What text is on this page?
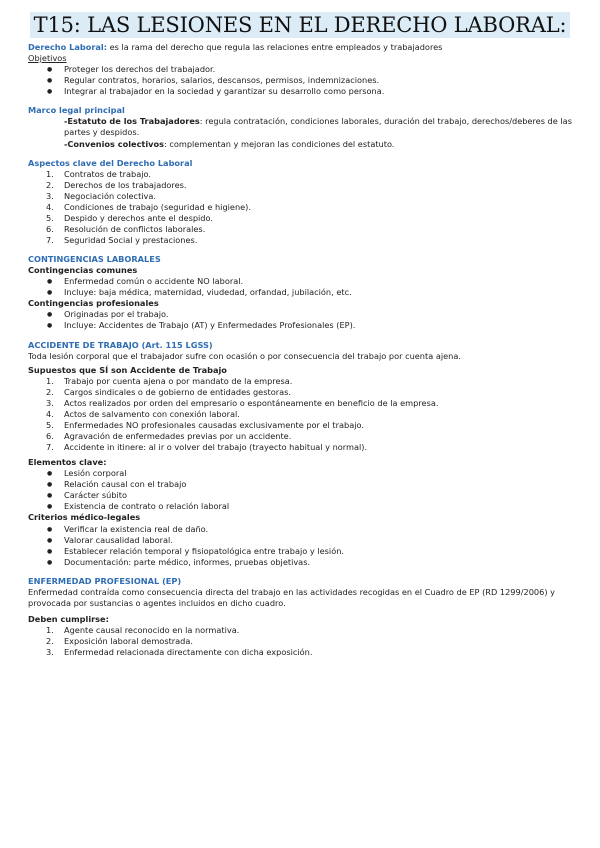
T15: LAS LESIONES EN EL DERECHO LABORAL:

Derecho Laboral: es la rama del derecho que regula las relaciones entre empleados y trabajadores

Objetivos

● Proteger los derechos del trabajador.
● Regular contratos, horarios, salarios, descansos, permisos, indemnizaciones.
● Integrar al trabajador en la sociedad y garantizar su desarrollo como persona.

Marco legal principal

-Estatuto de los Trabajadores: regula contratación, condiciones laborales, duración del trabajo, derechos/deberes de las partes y despidos.

-Convenios colectivos: complementan y mejoran las condiciones del estatuto.

Aspectos clave del Derecho Laboral

1. Contratos de trabajo.
2. Derechos de los trabajadores.
3. Negociación colectiva.
4. Condiciones de trabajo (seguridad e higiene).
5. Despido y derechos ante el despido.
6. Resolución de conflictos laborales.
7. Seguridad Social y prestaciones.

CONTINGENCIAS LABORALES

Contingencias comunes

● Enfermedad común o accidente NO laboral.
● Incluye: baja médica, maternidad, viudedad, orfandad, jubilación, etc.

Contingencias profesionales

● Originadas por el trabajo.
● Incluye: Accidentes de Trabajo (AT) y Enfermedades Profesionales (EP).

ACCIDENTE DE TRABAJO (Art. 115 LGSS)

Toda lesión corporal que el trabajador sufre con ocasión o por consecuencia del trabajo por cuenta ajena.

Supuestos que SÍ son Accidente de Trabajo

1. Trabajo por cuenta ajena o por mandato de la empresa.
2. Cargos sindicales o de gobierno de entidades gestoras.
3. Actos realizados por orden del empresario o espontáneamente en beneficio de la empresa.
4. Actos de salvamento con conexión laboral.
5. Enfermedades NO profesionales causadas exclusivamente por el trabajo.
6. Agravación de enfermedades previas por un accidente.
7. Accidente in itinere: al ir o volver del trabajo (trayecto habitual y normal).

Elementos clave:

● Lesión corporal
● Relación causal con el trabajo
● Carácter súbito
● Existencia de contrato o relación laboral

Criterios médico-legales

● Verificar la existencia real de daño.
● Valorar causalidad laboral.
● Establecer relación temporal y fisiopatológica entre trabajo y lesión.
● Documentación: parte médico, informes, pruebas objetivas.

ENFERMEDAD PROFESIONAL (EP)

Enfermedad contraída como consecuencia directa del trabajo en las actividades recogidas en el Cuadro de EP (RD 1299/2006) y provocada por sustancias o agentes incluidos en dicho cuadro.

Deben cumplirse:

1. Agente causal reconocido en la normativa.
2. Exposición laboral demostrada.
3. Enfermedad relacionada directamente con dicha exposición.
